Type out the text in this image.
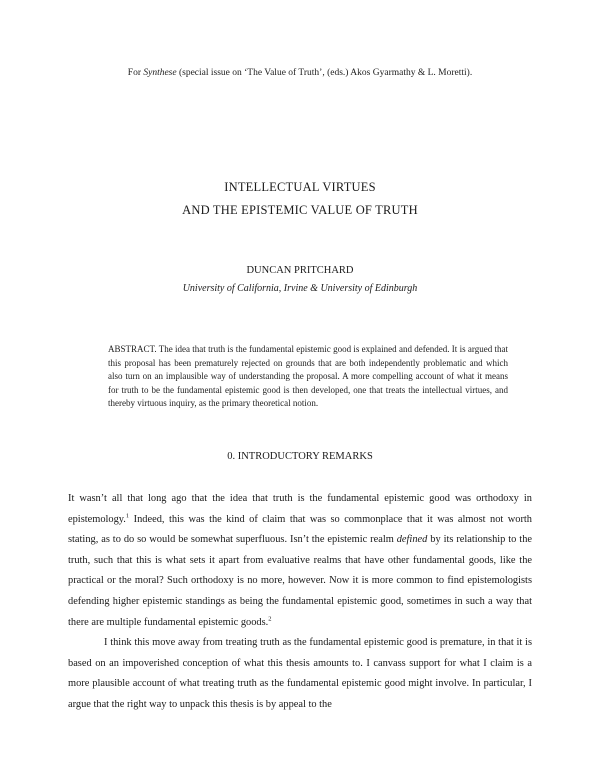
For Synthese (special issue on ‘The Value of Truth’, (eds.) Akos Gyarmathy & L. Moretti).
INTELLECTUAL VIRTUES
AND THE EPISTEMIC VALUE OF TRUTH
DUNCAN PRITCHARD
University of California, Irvine & University of Edinburgh
ABSTRACT. The idea that truth is the fundamental epistemic good is explained and defended. It is argued that this proposal has been prematurely rejected on grounds that are both independently problematic and which also turn on an implausible way of understanding the proposal. A more compelling account of what it means for truth to be the fundamental epistemic good is then developed, one that treats the intellectual virtues, and thereby virtuous inquiry, as the primary theoretical notion.
0. INTRODUCTORY REMARKS

It wasn’t all that long ago that the idea that truth is the fundamental epistemic good was orthodoxy in epistemology.$^1$ Indeed, this was the kind of claim that was so commonplace that it was almost not worth stating, as to do so would be somewhat superfluous. Isn’t the epistemic realm defined by its relationship to the truth, such that this is what sets it apart from evaluative realms that have other fundamental goods, like the practical or the moral? Such orthodoxy is no more, however. Now it is more common to find epistemologists defending higher epistemic standings as being the fundamental epistemic good, sometimes in such a way that there are multiple fundamental epistemic goods.$^2$

I think this move away from treating truth as the fundamental epistemic good is premature, in that it is based on an impoverished conception of what this thesis amounts to. I canvass support for what I claim is a more plausible account of what treating truth as the fundamental epistemic good might involve. In particular, I argue that the right way to unpack this thesis is by appeal to the
